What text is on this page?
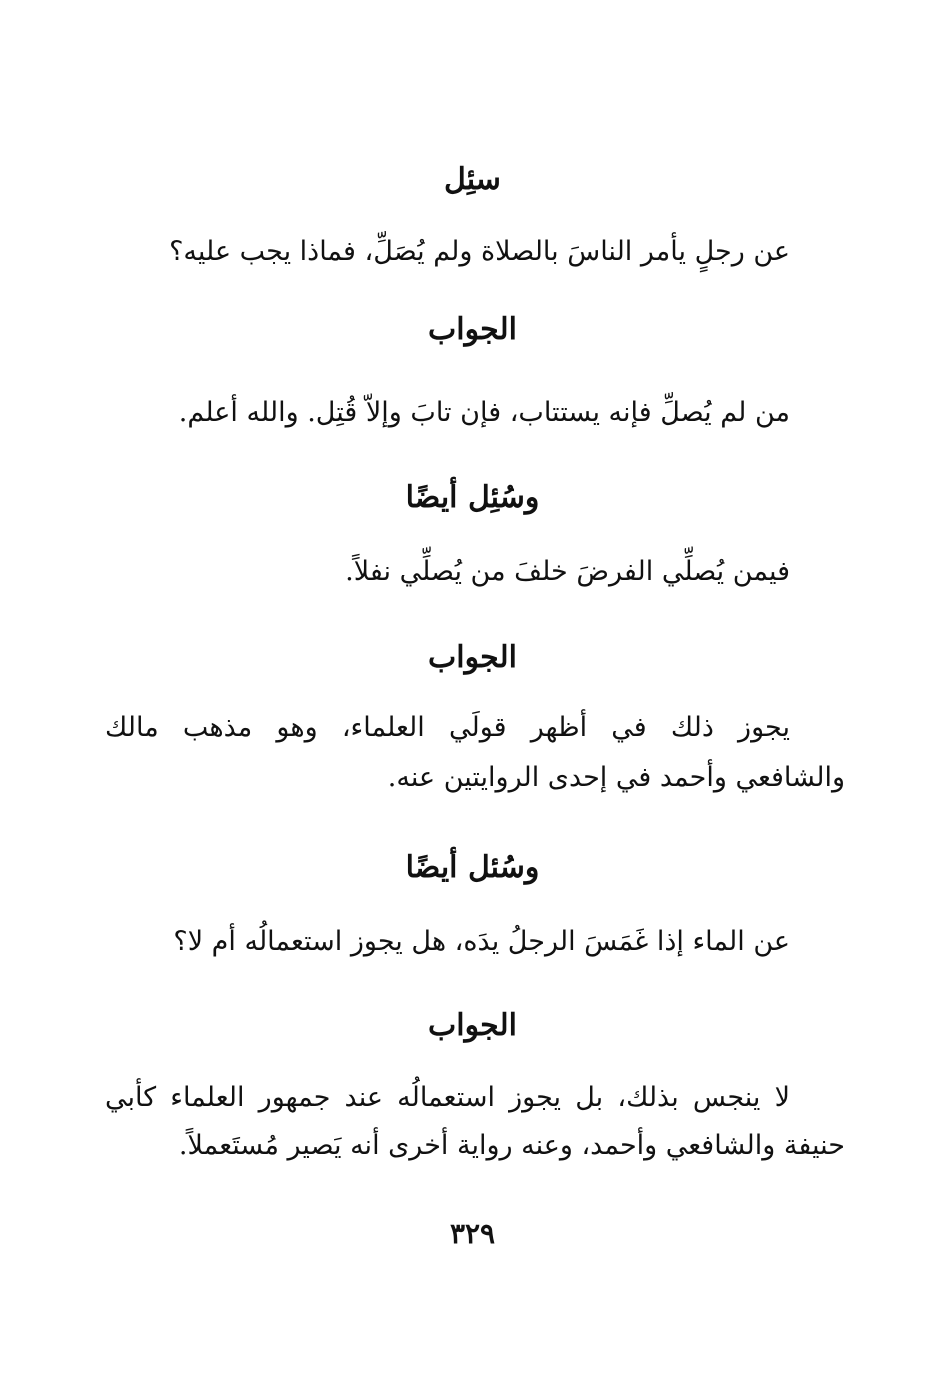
سئِل
عن رجلٍ يأمر الناسَ بالصلاة ولم يُصَلِّ، فماذا يجب عليه؟
الجواب
من لم يُصلِّ فإنه يستتاب، فإن تابَ وإلاّ قُتِل. والله أعلم.
وسُئِل أيضًا
فيمن يُصلِّي الفرضَ خلفَ من يُصلِّي نفلاً.
الجواب
يجوز ذلك في أظهر قولَي العلماء، وهو مذهب مالك
والشافعي وأحمد في إحدى الروايتين عنه.
وسُئل أيضًا
عن الماء إذا غَمَسَ الرجلُ يدَه، هل يجوز استعمالُه أم لا؟
الجواب
لا ينجس بذلك، بل يجوز استعمالُه عند جمهور العلماء كأبي
حنيفة والشافعي وأحمد، وعنه رواية أخرى أنه يَصير مُستَعملاً.
٣٢٩
